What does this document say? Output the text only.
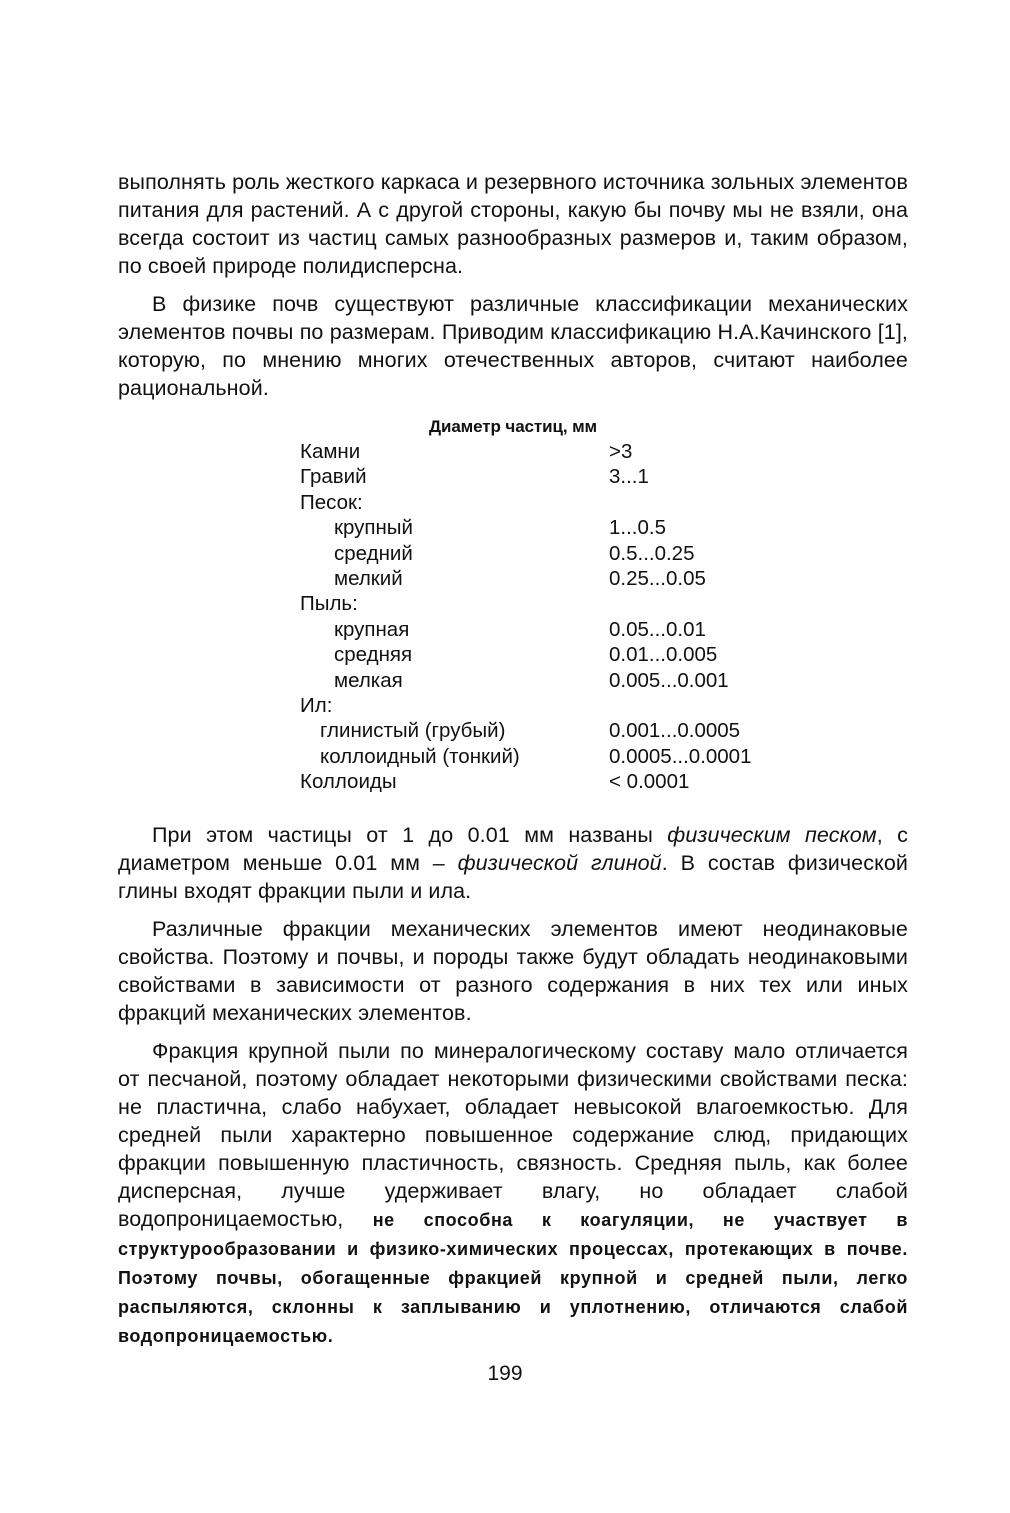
выполнять роль жесткого каркаса и резервного источника зольных элементов питания для растений. А с другой стороны, какую бы почву мы не взяли, она всегда состоит из частиц самых разнообразных размеров и, таким образом, по своей природе полидисперсна.

В физике почв существуют различные классификации механических элементов почвы по размерам. Приводим классификацию Н.А.Качинского [1], которую, по мнению многих отечественных авторов, считают наиболее рациональной.

Диаметр частиц, мм
Камни	>3
Гравий	3...1
Песок:	
крупный	1...0.5
средний	0.5...0.25
мелкий	0.25...0.05
Пыль:	
крупная	0.05...0.01
средняя	0.01...0.005
мелкая	0.005...0.001
Ил:	
глинистый (грубый)	0.001...0.0005
коллоидный (тонкий)	0.0005...0.0001
Коллоиды	< 0.0001

При этом частицы от 1 до 0.01 мм названы физическим песком, с диаметром меньше 0.01 мм – физической глиной. В состав физической глины входят фракции пыли и ила.

Различные фракции механических элементов имеют неодинаковые свойства. Поэтому и почвы, и породы также будут обладать неодинаковыми свойствами в зависимости от разного содержания в них тех или иных фракций механических элементов.

Фракция крупной пыли по минералогическому составу мало отличается от песчаной, поэтому обладает некоторыми физическими свойствами песка: не пластична, слабо набухает, обладает невысокой влагоемкостью. Для средней пыли характерно повышенное содержание слюд, придающих фракции повышенную пластичность, связность. Средняя пыль, как более дисперсная, лучше удерживает влагу, но обладает слабой водопроницаемостью, не способна к коагуляции, не участвует в структурообразовании и физико-химических процессах, протекающих в почве. Поэтому почвы, обогащенные фракцией крупной и средней пыли, легко распыляются, склонны к заплыванию и уплотнению, отличаются слабой водопроницаемостью.

199
